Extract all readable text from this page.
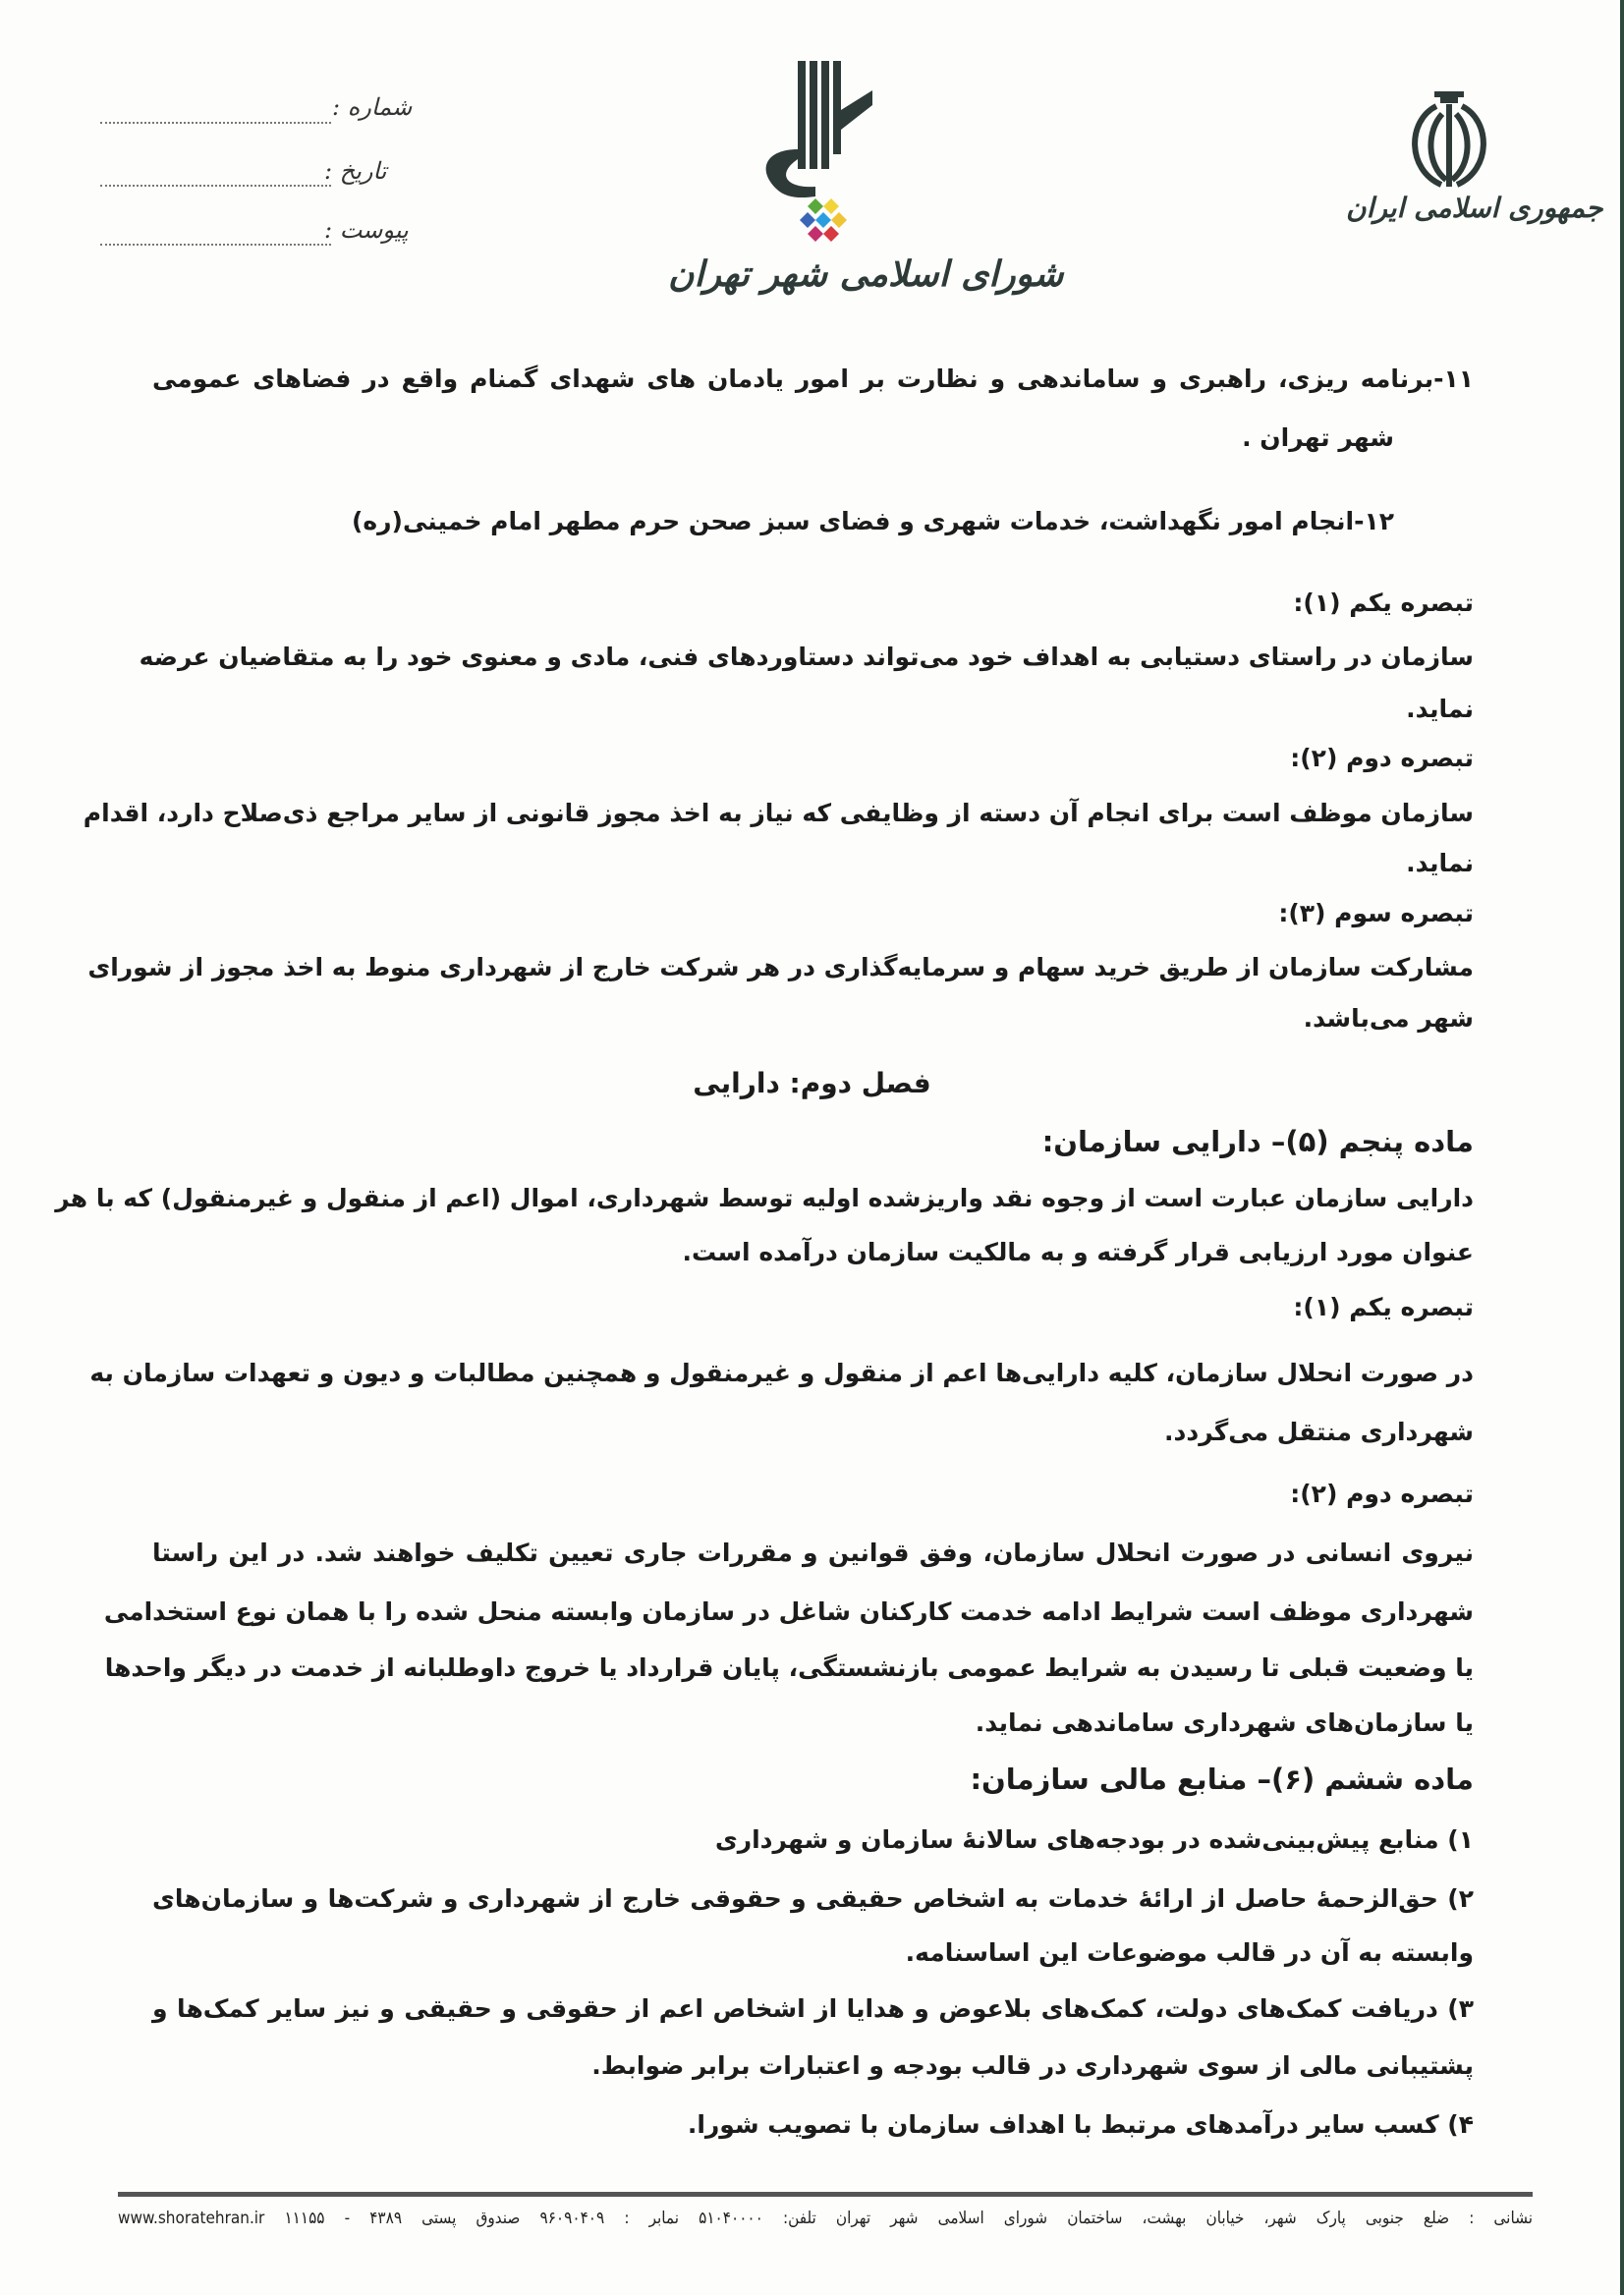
جمهوری اسلامی ایران
شورای اسلامی شهر تهران
شماره :
تاریخ :
پیوست :
۱۱-برنامه ریزی، راهبری و ساماندهی و نظارت بر امور یادمان های شهدای گمنام واقع در فضاهای عمومی
شهر تهران .
۱۲-انجام امور نگهداشت، خدمات شهری و فضای سبز صحن حرم مطهر امام خمینی(ره)
تبصره یکم (۱):
سازمان در راستای دستیابی به اهداف خود می‌تواند دستاوردهای فنی، مادی و معنوی خود را به متقاضیان عرضه
نماید.
تبصره دوم (۲):
سازمان موظف است برای انجام آن دسته از وظایفی که نیاز به اخذ مجوز قانونی از سایر مراجع ذی‌صلاح دارد، اقدام
نماید.
تبصره سوم (۳):
مشارکت سازمان از طریق خرید سهام و سرمایه‌گذاری در هر شرکت خارج از شهرداری منوط به اخذ مجوز از شورای
شهر می‌باشد.
فصل دوم: دارایی
ماده پنجم (۵)– دارایی سازمان:
دارایی سازمان عبارت است از وجوه نقد واریزشده اولیه توسط شهرداری، اموال (اعم از منقول و غیرمنقول) که با هر
عنوان مورد ارزیابی قرار گرفته و به مالکیت سازمان درآمده است.
تبصره یکم (۱):
در صورت انحلال سازمان، کلیه دارایی‌ها اعم از منقول و غیرمنقول و همچنین مطالبات و دیون و تعهدات سازمان به
شهرداری منتقل می‌گردد.
تبصره دوم (۲):
نیروی انسانی در صورت انحلال سازمان، وفق قوانین و مقررات جاری تعیین تکلیف خواهند شد. در این راستا
شهرداری موظف است شرایط ادامه خدمت کارکنان شاغل در سازمان وابسته منحل شده را با همان نوع استخدامی
یا وضعیت قبلی تا رسیدن به شرایط عمومی بازنشستگی، پایان قرارداد یا خروج داوطلبانه از خدمت در دیگر واحدها
یا سازمان‌های شهرداری ساماندهی نماید.
ماده ششم (۶)– منابع مالی سازمان:
۱) منابع پیش‌بینی‌شده در بودجه‌های سالانهٔ سازمان و شهرداری
۲) حق‌الزحمهٔ حاصل از ارائهٔ خدمات به اشخاص حقیقی و حقوقی خارج از شهرداری و شرکت‌ها و سازمان‌های
وابسته به آن در قالب موضوعات این اساسنامه.
۳) دریافت کمک‌های دولت، کمک‌های بلاعوض و هدایا از اشخاص اعم از حقوقی و حقیقی و نیز سایر کمک‌ها و
پشتیبانی مالی از سوی شهرداری در قالب بودجه و اعتبارات برابر ضوابط.
۴) کسب سایر درآمدهای مرتبط با اهداف سازمان با تصویب شورا.
نشانی : ضلع جنوبی پارک شهر، خیابان بهشت، ساختمان شورای اسلامی شهر تهران تلفن: ۵۱۰۴۰۰۰۰ نمابر : ۹۶۰۹۰۴۰۹ صندوق پستی ۴۳۸۹ - ۱۱۱۵۵ www.shoratehran.ir
